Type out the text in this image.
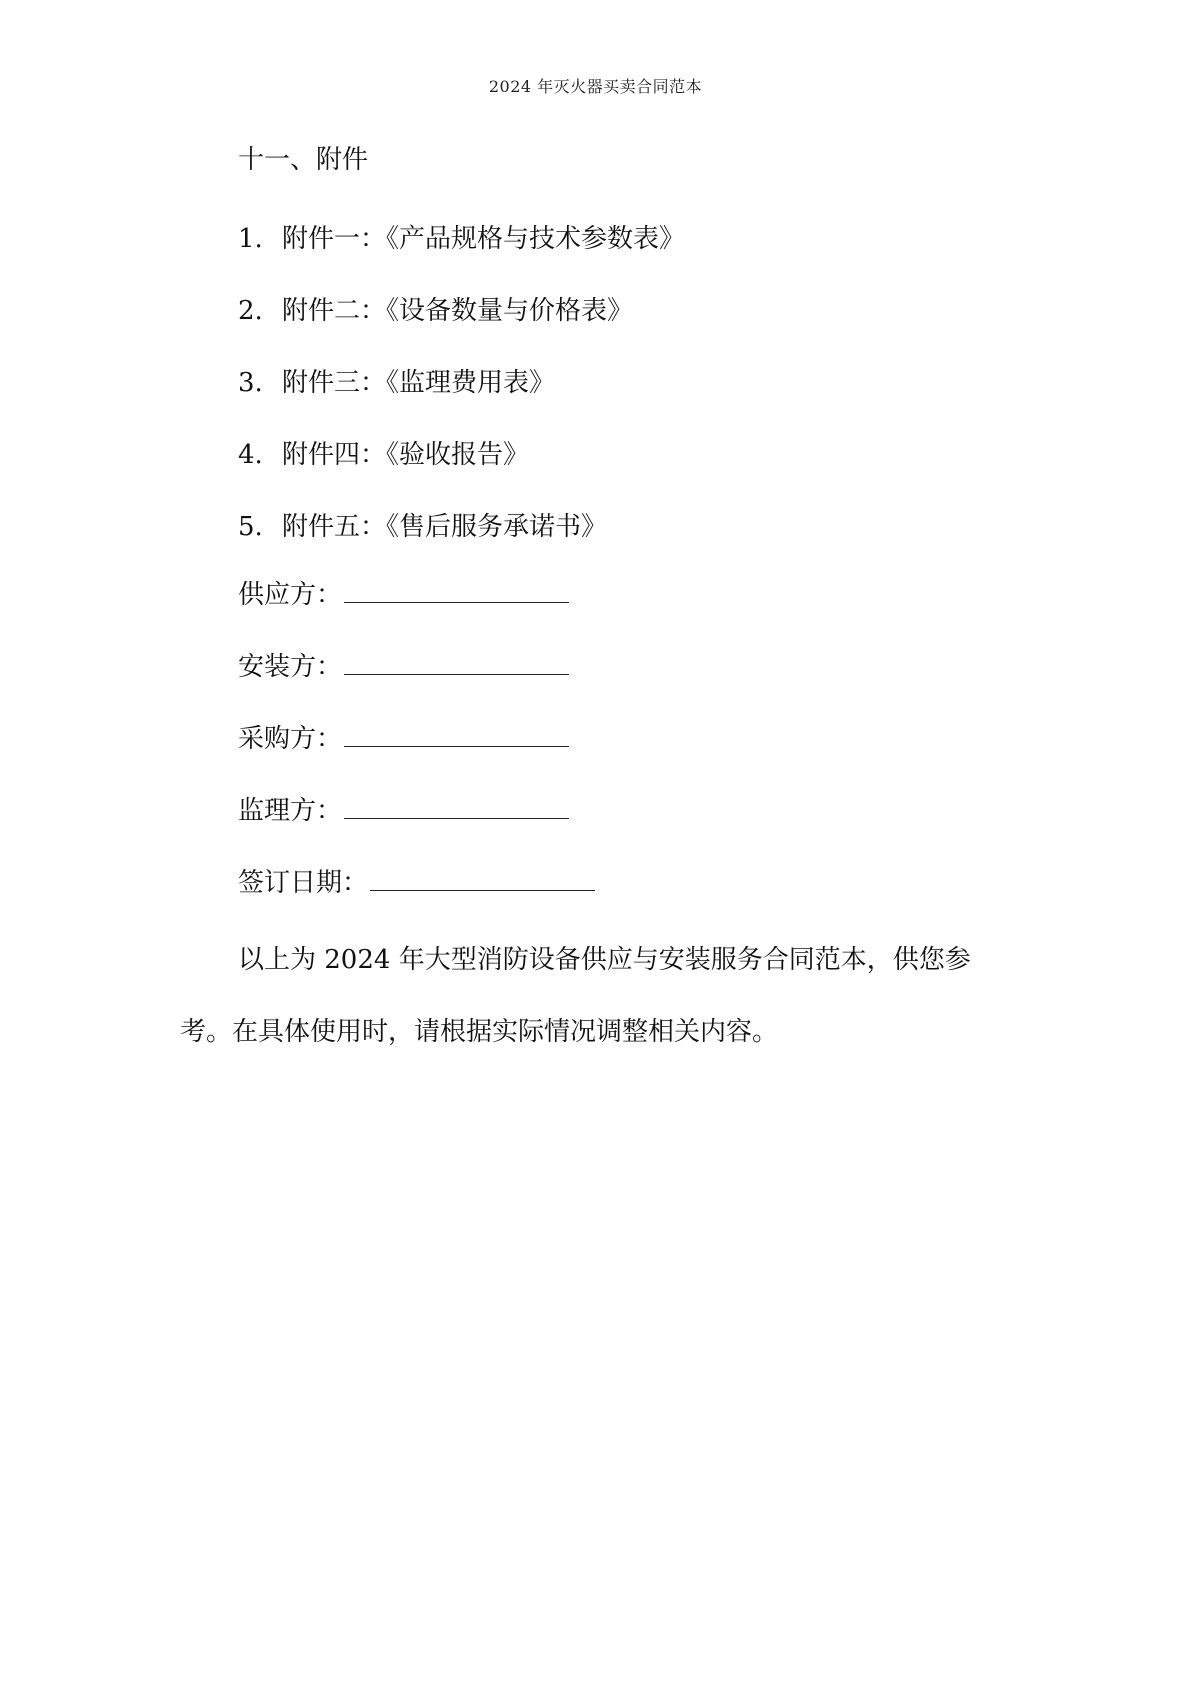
2024 年灭火器买卖合同范本
十一、附件
1. 附件一：《产品规格与技术参数表》
2. 附件二：《设备数量与价格表》
3. 附件三：《监理费用表》
4. 附件四：《验收报告》
5. 附件五：《售后服务承诺书》
供应方：
安装方：
采购方：
监理方：
签订日期：
以上为 2024 年大型消防设备供应与安装服务合同范本，供您参考。在具体使用时，请根据实际情况调整相关内容。
